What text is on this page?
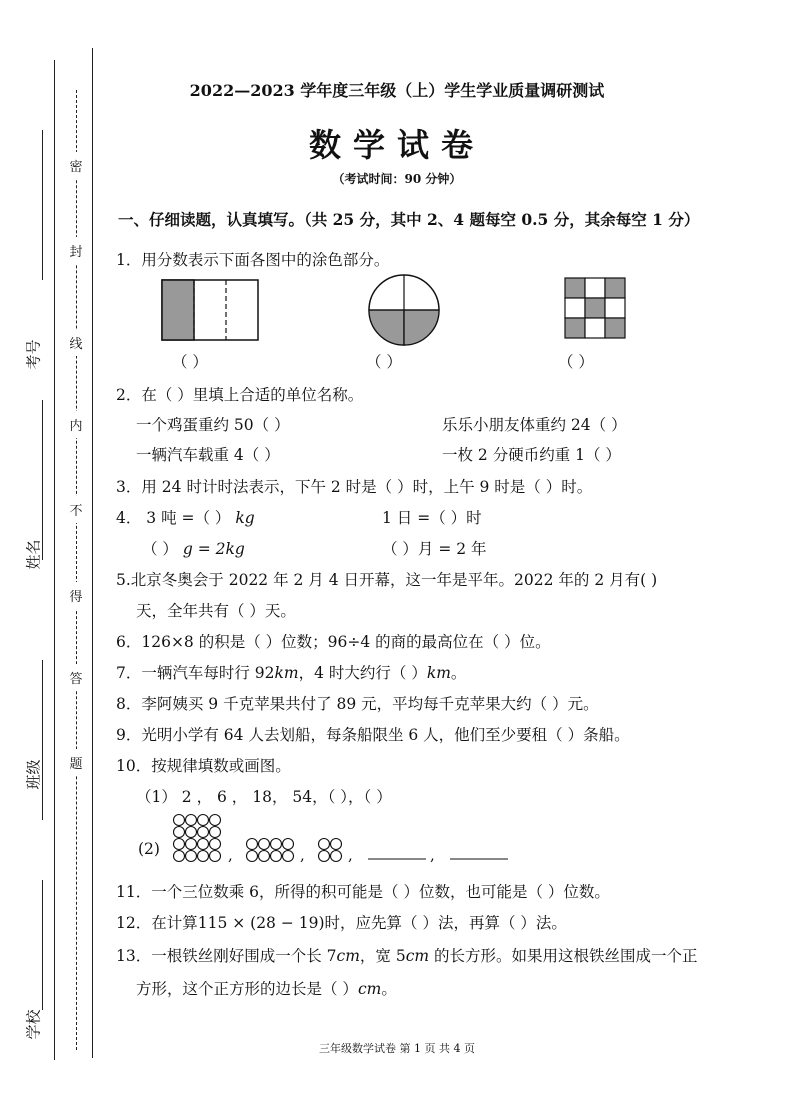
考号
姓名
班级
学校
密
封
线
内
不
得
答
题
2022—2023 学年度三年级（上）学生学业质量调研测试
数学试卷
（考试时间：90 分钟）
一、仔细读题，认真填写。（共 25 分，其中 2、4 题每空 0.5 分，其余每空 1 分）
1．用分数表示下面各图中的涂色部分。
（ ）	（ ）	（ ）
2．在（ ）里填上合适的单位名称。
一个鸡蛋重约 50（ ）	乐乐小朋友体重约 24（ ）
一辆汽车载重 4（ ）	一枚 2 分硬币约重 1（ ）
3．用 24 时计时法表示，下午 2 时是（ ）时，上午 9 时是（ ）时。
4． 3 吨 =（ ） kg	1 日 =（ ）时
（ ） g = 2kg	（ ）月 = 2 年
5.北京冬奥会于 2022 年 2 月 4 日开幕，这一年是平年。2022 年的 2 月有( )
天，全年共有（ ）天。
6．126×8 的积是（ ）位数；96÷4 的商的最高位在（ ）位。
7．一辆汽车每时行 92km，4 时大约行（ ）km。
8．李阿姨买 9 千克苹果共付了 89 元，平均每千克苹果大约（ ）元。
9．光明小学有 64 人去划船，每条船限坐 6 人，他们至少要租（ ）条船。
10．按规律填数或画图。
（1） 2 ， 6 ， 18， 54，（ ），（ ）
(2)	,	,	,	,
11．一个三位数乘 6，所得的积可能是（ ）位数，也可能是（ ）位数。
12．在计算115 × (28 − 19)时，应先算（ ）法，再算（ ）法。
13．一根铁丝刚好围成一个长 7cm，宽 5cm 的长方形。如果用这根铁丝围成一个正
方形，这个正方形的边长是（ ）cm。
三年级数学试卷 第 1 页 共 4 页
